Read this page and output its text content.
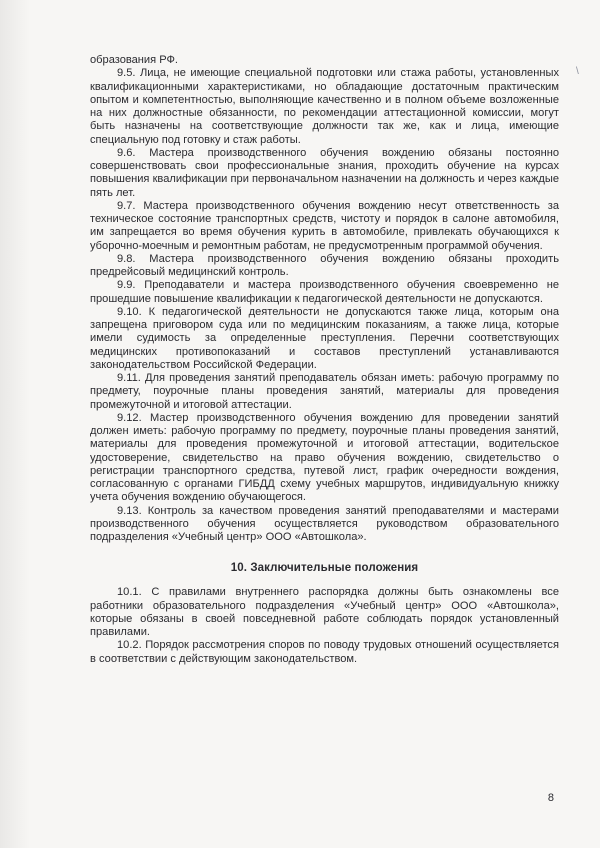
образования РФ.

9.5. Лица, не имеющие специальной подготовки или стажа работы, установленных квалификационными характеристиками, но обладающие достаточным практическим опытом и компетентностью, выполняющие качественно и в полном объеме возложенные на них должностные обязанности, по рекомендации аттестационной комиссии, могут быть назначены на соответствующие должности так же, как и лица, имеющие специальную под готовку и стаж работы.

9.6. Мастера производственного обучения вождению обязаны постоянно совершенствовать свои профессиональные знания, проходить обучение на курсах повышения квалификации при первоначальном назначении на должность и через каждые пять лет.

9.7. Мастера производственного обучения вождению несут ответственность за техническое состояние транспортных средств, чистоту и порядок в салоне автомобиля, им запрещается во время обучения курить в автомобиле, привлекать обучающихся к уборочно-моечным и ремонтным работам, не предусмотренным программой обучения.

9.8. Мастера производственного обучения вождению обязаны проходить предрейсовый медицинский контроль.

9.9. Преподаватели и мастера производственного обучения своевременно не прошедшие повышение квалификации к педагогической деятельности не допускаются.

9.10. К педагогической деятельности не допускаются также лица, которым она запрещена приговором суда или по медицинским показаниям, а также лица, которые имели судимость за определенные преступления. Перечни соответствующих медицинских противопоказаний и составов преступлений устанавливаются законодательством Российской Федерации.

9.11. Для проведения занятий преподаватель обязан иметь: рабочую программу по предмету, поурочные планы проведения занятий, материалы для проведения промежуточной и итоговой аттестации.

9.12. Мастер производственного обучения вождению для проведении занятий должен иметь: рабочую программу по предмету, поурочные планы проведения занятий, материалы для проведения промежуточной и итоговой аттестации, водительское удостоверение, свидетельство на право обучения вождению, свидетельство о регистрации транспортного средства, путевой лист, график очередности вождения, согласованную с органами ГИБДД схему учебных маршрутов, индивидуальную книжку учета обучения вождению обучающегося.

9.13. Контроль за качеством проведения занятий преподавателями и мастерами производственного обучения осуществляется руководством образовательного подразделения «Учебный центр» ООО «Автошкола».

10. Заключительные положения

10.1. С правилами внутреннего распорядка должны быть ознакомлены все работники образовательного подразделения «Учебный центр» ООО «Автошкола», которые обязаны в своей повседневной работе соблюдать порядок установленный правилами.

10.2. Порядок рассмотрения споров по поводу трудовых отношений осуществляется в соответствии с действующим законодательством.

8
\
